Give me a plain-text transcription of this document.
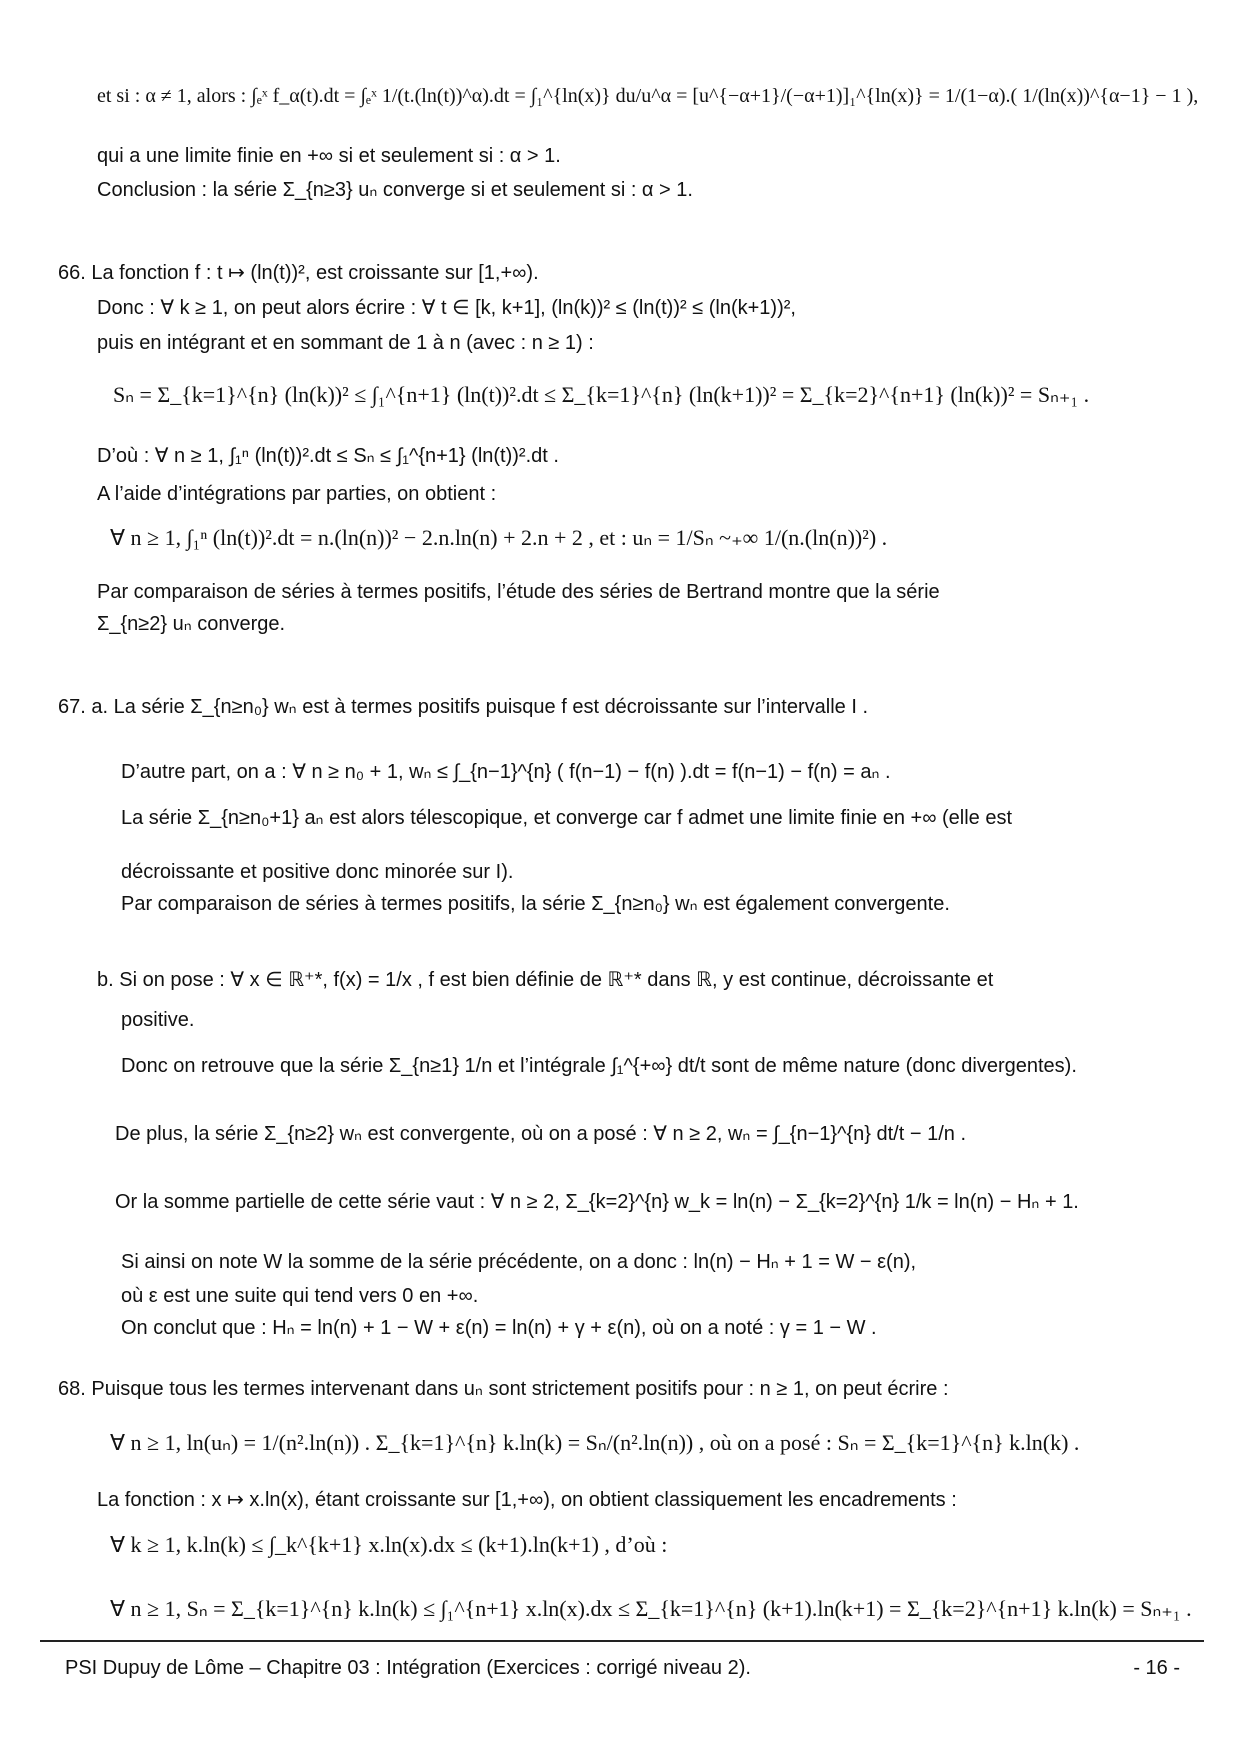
et si : α ≠ 1, alors : ∫ₑˣ f_α(t).dt = ∫ₑˣ 1/(t.(ln(t))^α).dt = ∫₁^{ln(x)} du/u^α = [u^{−α+1}/(−α+1)]₁^{ln(x)} = 1/(1−α).( 1/(ln(x))^{α−1} − 1 ),
qui a une limite finie en +∞ si et seulement si : α > 1.
Conclusion : la série Σ_{n≥3} uₙ converge si et seulement si : α > 1.
66. La fonction f : t ↦ (ln(t))², est croissante sur [1,+∞).
Donc : ∀ k ≥ 1, on peut alors écrire : ∀ t ∈ [k, k+1], (ln(k))² ≤ (ln(t))² ≤ (ln(k+1))²,
puis en intégrant et en sommant de 1 à n (avec : n ≥ 1) :
Sₙ = Σ_{k=1}^{n} (ln(k))² ≤ ∫₁^{n+1} (ln(t))².dt ≤ Σ_{k=1}^{n} (ln(k+1))² = Σ_{k=2}^{n+1} (ln(k))² = Sₙ₊₁ .
D’où : ∀ n ≥ 1, ∫₁ⁿ (ln(t))².dt ≤ Sₙ ≤ ∫₁^{n+1} (ln(t))².dt .
A l’aide d’intégrations par parties, on obtient :
∀ n ≥ 1, ∫₁ⁿ (ln(t))².dt = n.(ln(n))² − 2.n.ln(n) + 2.n + 2 , et : uₙ = 1/Sₙ ~₊∞ 1/(n.(ln(n))²) .
Par comparaison de séries à termes positifs, l’étude des séries de Bertrand montre que la série
Σ_{n≥2} uₙ converge.
67. a. La série Σ_{n≥n₀} wₙ est à termes positifs puisque f est décroissante sur l’intervalle I .
D’autre part, on a : ∀ n ≥ n₀ + 1, wₙ ≤ ∫_{n−1}^{n} ( f(n−1) − f(n) ).dt = f(n−1) − f(n) = aₙ .
La série Σ_{n≥n₀+1} aₙ est alors télescopique, et converge car f admet une limite finie en +∞ (elle est
décroissante et positive donc minorée sur I).
Par comparaison de séries à termes positifs, la série Σ_{n≥n₀} wₙ est également convergente.
b. Si on pose : ∀ x ∈ ℝ⁺*, f(x) = 1/x , f est bien définie de ℝ⁺* dans ℝ, y est continue, décroissante et
positive.
Donc on retrouve que la série Σ_{n≥1} 1/n et l’intégrale ∫₁^{+∞} dt/t sont de même nature (donc divergentes).
De plus, la série Σ_{n≥2} wₙ est convergente, où on a posé : ∀ n ≥ 2, wₙ = ∫_{n−1}^{n} dt/t − 1/n .
Or la somme partielle de cette série vaut : ∀ n ≥ 2, Σ_{k=2}^{n} w_k = ln(n) − Σ_{k=2}^{n} 1/k = ln(n) − Hₙ + 1.
Si ainsi on note W la somme de la série précédente, on a donc : ln(n) − Hₙ + 1 = W − ε(n),
où ε est une suite qui tend vers 0 en +∞.
On conclut que : Hₙ = ln(n) + 1 − W + ε(n) = ln(n) + γ + ε(n), où on a noté : γ = 1 − W .
68. Puisque tous les termes intervenant dans uₙ sont strictement positifs pour : n ≥ 1, on peut écrire :
∀ n ≥ 1, ln(uₙ) = 1/(n².ln(n)) . Σ_{k=1}^{n} k.ln(k) = Sₙ/(n².ln(n)) , où on a posé : Sₙ = Σ_{k=1}^{n} k.ln(k) .
La fonction : x ↦ x.ln(x), étant croissante sur [1,+∞), on obtient classiquement les encadrements :
∀ k ≥ 1, k.ln(k) ≤ ∫_k^{k+1} x.ln(x).dx ≤ (k+1).ln(k+1) , d’où :
∀ n ≥ 1, Sₙ = Σ_{k=1}^{n} k.ln(k) ≤ ∫₁^{n+1} x.ln(x).dx ≤ Σ_{k=1}^{n} (k+1).ln(k+1) = Σ_{k=2}^{n+1} k.ln(k) = Sₙ₊₁ .
PSI Dupuy de Lôme – Chapitre 03 : Intégration (Exercices : corrigé niveau 2).	- 16 -
